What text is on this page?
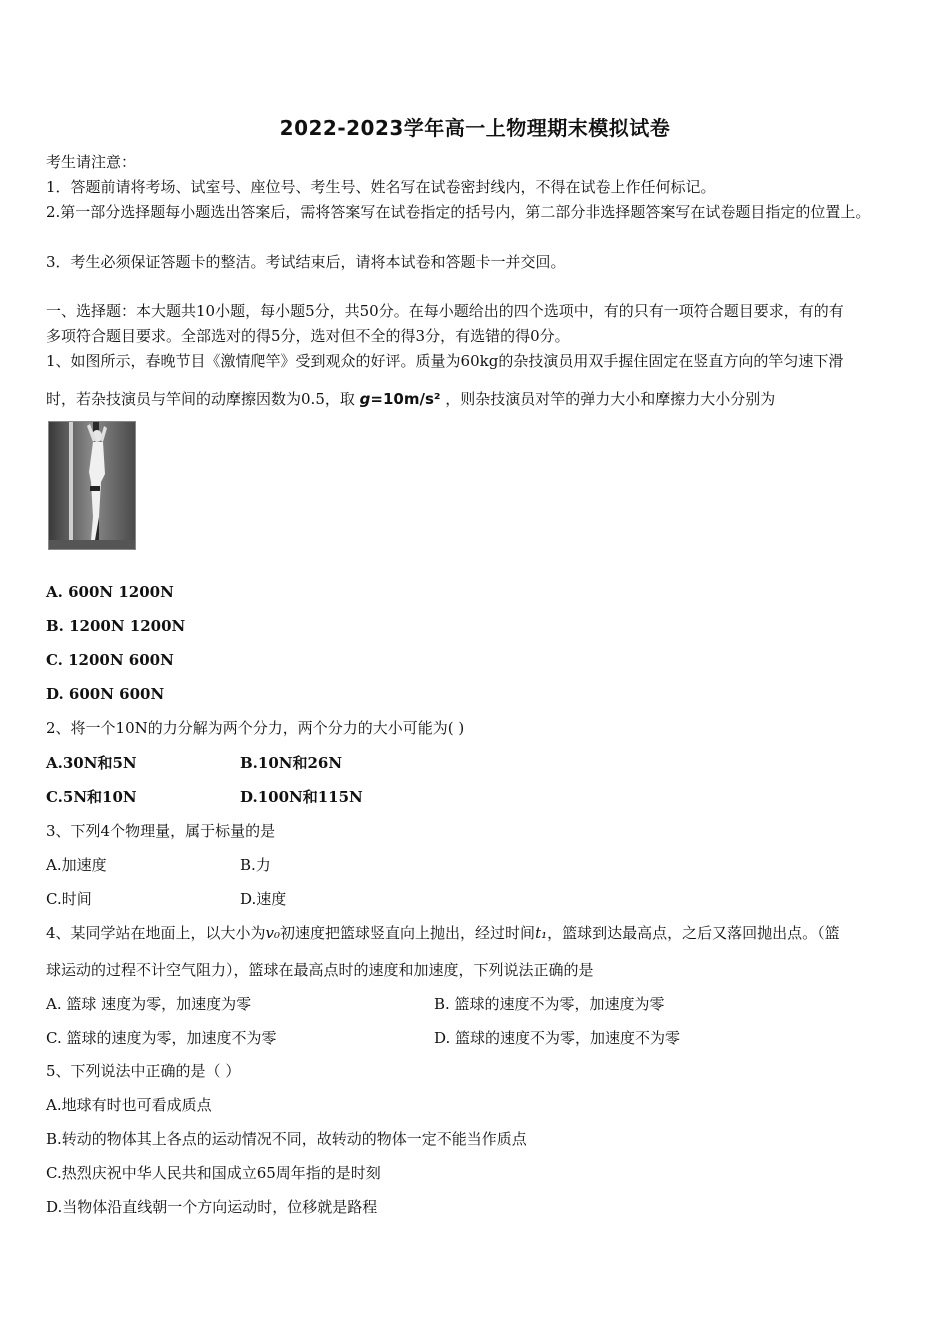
2022-2023学年高一上物理期末模拟试卷
考生请注意：
1．答题前请将考场、试室号、座位号、考生号、姓名写在试卷密封线内，不得在试卷上作任何标记。
2.第一部分选择题每小题选出答案后，需将答案写在试卷指定的括号内，第二部分非选择题答案写在试卷题目指定的位置上。
3．考生必须保证答题卡的整洁。考试结束后，请将本试卷和答题卡一并交回。
一、选择题：本大题共10小题，每小题5分，共50分。在每小题给出的四个选项中，有的只有一项符合题目要求，有的有
多项符合题目要求。全部选对的得5分，选对但不全的得3分，有选错的得0分。
1、如图所示，春晚节目《激情爬竿》受到观众的好评。质量为60kg的杂技演员用双手握住固定在竖直方向的竿匀速下滑
时，若杂技演员与竿间的动摩擦因数为0.5，取 g=10m/s² ，则杂技演员对竿的弹力大小和摩擦力大小分别为
A. 600N 1200N
B. 1200N 1200N
C. 1200N 600N
D. 600N 600N
2、将一个10N的力分解为两个分力，两个分力的大小可能为( )
A.30N和5N	B.10N和26N
C.5N和10N	D.100N和115N
3、下列4个物理量，属于标量的是
A.加速度	B.力
C.时间	D.速度
4、某同学站在地面上，以大小为v₀初速度把篮球竖直向上抛出，经过时间t₁，篮球到达最高点，之后又落回抛出点。（篮
球运动的过程不计空气阻力），篮球在最高点时的速度和加速度，下列说法正确的是
A. 篮球 速度为零，加速度为零	B. 篮球的速度不为零，加速度为零
C. 篮球的速度为零，加速度不为零	D. 篮球的速度不为零，加速度不为零
5、下列说法中正确的是（ ）
A.地球有时也可看成质点
B.转动的物体其上各点的运动情况不同，故转动的物体一定不能当作质点
C.热烈庆祝中华人民共和国成立65周年指的是时刻
D.当物体沿直线朝一个方向运动时，位移就是路程
